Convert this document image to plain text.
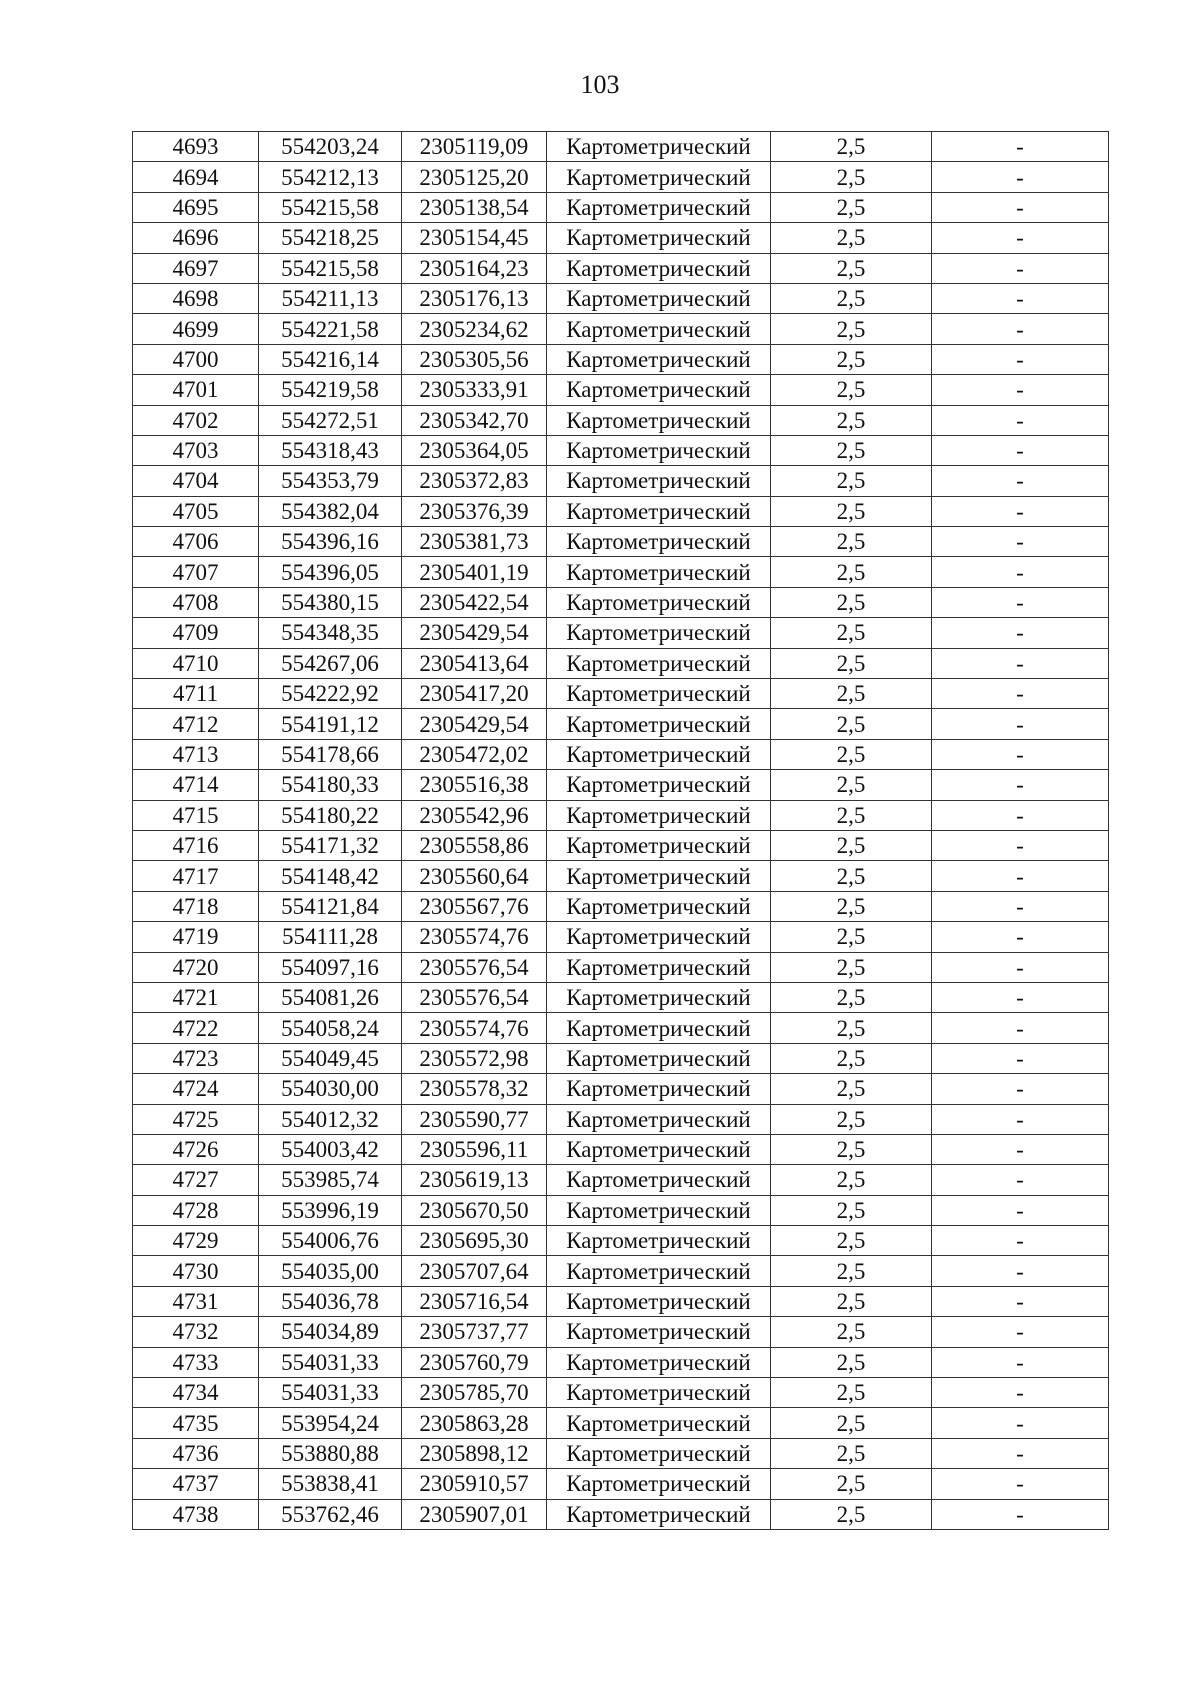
103
4693	554203,24	2305119,09	Картометрический	2,5	-
4694	554212,13	2305125,20	Картометрический	2,5	-
4695	554215,58	2305138,54	Картометрический	2,5	-
4696	554218,25	2305154,45	Картометрический	2,5	-
4697	554215,58	2305164,23	Картометрический	2,5	-
4698	554211,13	2305176,13	Картометрический	2,5	-
4699	554221,58	2305234,62	Картометрический	2,5	-
4700	554216,14	2305305,56	Картометрический	2,5	-
4701	554219,58	2305333,91	Картометрический	2,5	-
4702	554272,51	2305342,70	Картометрический	2,5	-
4703	554318,43	2305364,05	Картометрический	2,5	-
4704	554353,79	2305372,83	Картометрический	2,5	-
4705	554382,04	2305376,39	Картометрический	2,5	-
4706	554396,16	2305381,73	Картометрический	2,5	-
4707	554396,05	2305401,19	Картометрический	2,5	-
4708	554380,15	2305422,54	Картометрический	2,5	-
4709	554348,35	2305429,54	Картометрический	2,5	-
4710	554267,06	2305413,64	Картометрический	2,5	-
4711	554222,92	2305417,20	Картометрический	2,5	-
4712	554191,12	2305429,54	Картометрический	2,5	-
4713	554178,66	2305472,02	Картометрический	2,5	-
4714	554180,33	2305516,38	Картометрический	2,5	-
4715	554180,22	2305542,96	Картометрический	2,5	-
4716	554171,32	2305558,86	Картометрический	2,5	-
4717	554148,42	2305560,64	Картометрический	2,5	-
4718	554121,84	2305567,76	Картометрический	2,5	-
4719	554111,28	2305574,76	Картометрический	2,5	-
4720	554097,16	2305576,54	Картометрический	2,5	-
4721	554081,26	2305576,54	Картометрический	2,5	-
4722	554058,24	2305574,76	Картометрический	2,5	-
4723	554049,45	2305572,98	Картометрический	2,5	-
4724	554030,00	2305578,32	Картометрический	2,5	-
4725	554012,32	2305590,77	Картометрический	2,5	-
4726	554003,42	2305596,11	Картометрический	2,5	-
4727	553985,74	2305619,13	Картометрический	2,5	-
4728	553996,19	2305670,50	Картометрический	2,5	-
4729	554006,76	2305695,30	Картометрический	2,5	-
4730	554035,00	2305707,64	Картометрический	2,5	-
4731	554036,78	2305716,54	Картометрический	2,5	-
4732	554034,89	2305737,77	Картометрический	2,5	-
4733	554031,33	2305760,79	Картометрический	2,5	-
4734	554031,33	2305785,70	Картометрический	2,5	-
4735	553954,24	2305863,28	Картометрический	2,5	-
4736	553880,88	2305898,12	Картометрический	2,5	-
4737	553838,41	2305910,57	Картометрический	2,5	-
4738	553762,46	2305907,01	Картометрический	2,5	-
